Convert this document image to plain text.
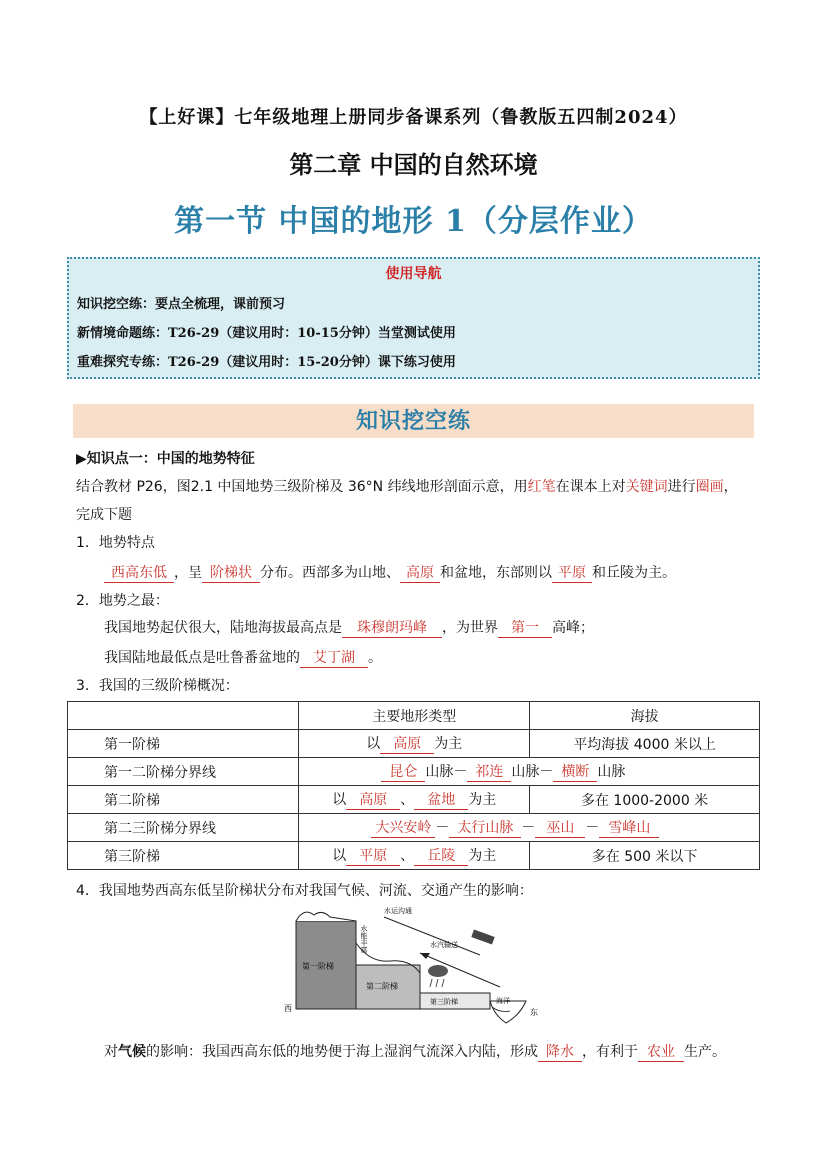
【上好课】七年级地理上册同步备课系列（鲁教版五四制2024）
第二章 中国的自然环境
第一节 中国的地形 1（分层作业）
使用导航
知识挖空练：要点全梳理，课前预习
新情境命题练：T26-29（建议用时：10-15分钟）当堂测试使用
重难探究专练：T26-29（建议用时：15-20分钟）课下练习使用
知识挖空练
▶知识点一：中国的地势特征
结合教材 P26，图2.1 中国地势三级阶梯及 36°N 纬线地形剖面示意，用红笔在课本上对关键词进行圈画，
完成下题
1．地势特点
西高东低 ，呈 阶梯状 分布。西部多为山地、 高原 和盆地，东部则以 平原 和丘陵为主。
2．地势之最：
我国地势起伏很大，陆地海拔最高点是 珠穆朗玛峰 ，为世界 第一 高峰；
我国陆地最低点是吐鲁番盆地的 艾丁湖 。
3．我国的三级阶梯概况：
	主要地形类型	海拔
第一阶梯	以 高原 为主	平均海拔 4000 米以上
第一二阶梯分界线	昆仑 山脉－ 祁连 山脉－ 横断 山脉	
第二阶梯	以 高原 、 盆地 为主	多在 1000-2000 米
第二三阶梯分界线	大兴安岭 － 太行山脉 － 巫山 － 雪峰山	
第三阶梯	以 平原 、 丘陵 为主	多在 500 米以下
4．我国地势西高东低呈阶梯状分布对我国气候、河流、交通产生的影响：
第一阶梯
第二阶梯
第三阶梯	海洋
西	东
水能丰富
水运沟通
水汽输送
对气候的影响：我国西高东低的地势便于海上湿润气流深入内陆，形成 降水 ，有利于 农业 生产。
